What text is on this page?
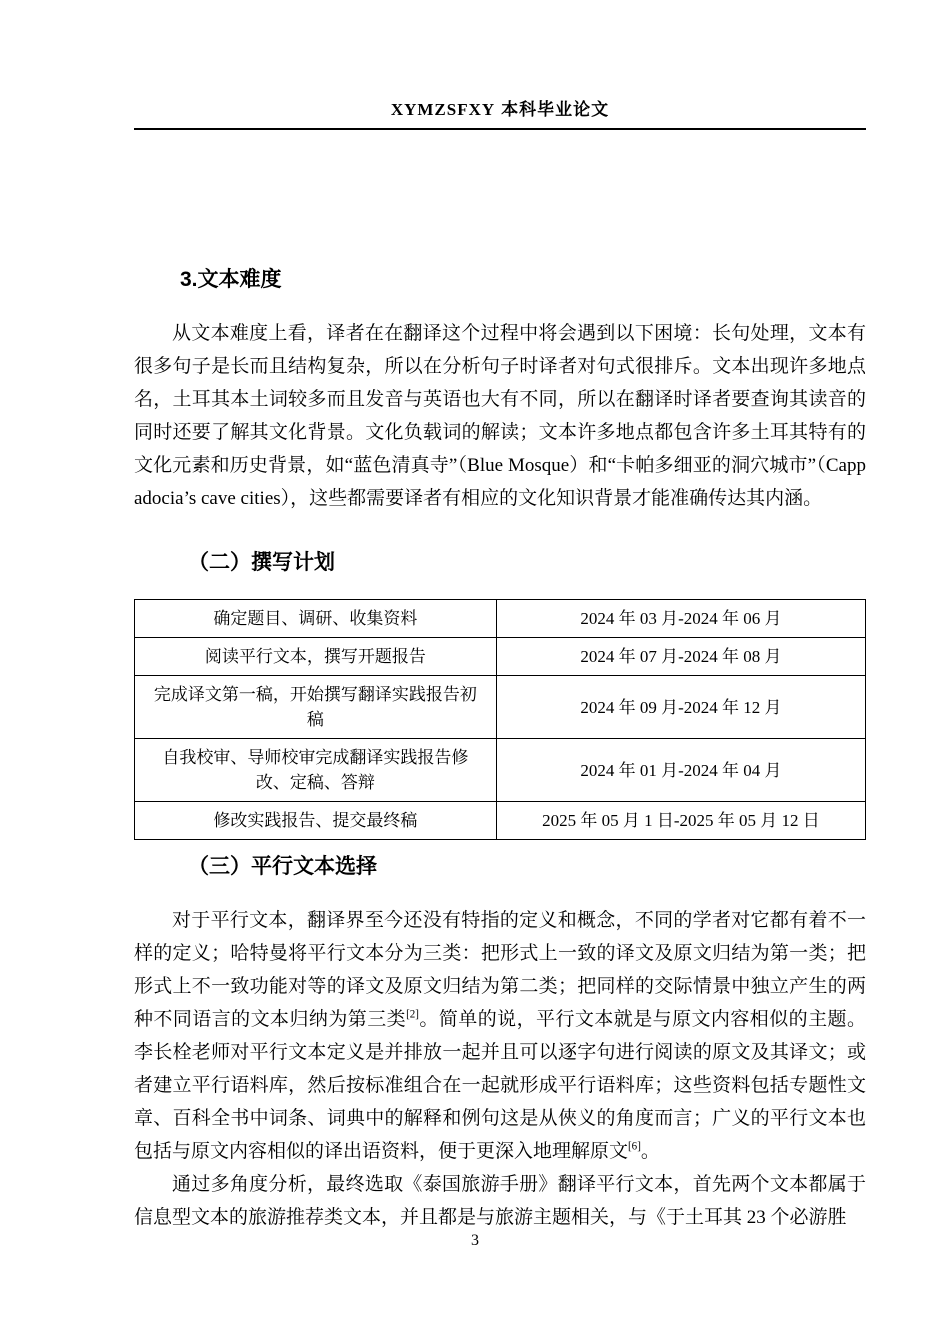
XYMZSFXY 本科毕业论文
3.文本难度

从文本难度上看，译者在在翻译这个过程中将会遇到以下困境：长句处理，文本有很多句子是长而且结构复杂，所以在分析句子时译者对句式很排斥。文本出现许多地点名，土耳其本土词较多而且发音与英语也大有不同，所以在翻译时译者要查询其读音的同时还要了解其文化背景。文化负载词的解读；文本许多地点都包含许多土耳其特有的文化元素和历史背景，如“蓝色清真寺”（Blue Mosque）和“卡帕多细亚的洞穴城市”（Cappadocia’s cave cities），这些都需要译者有相应的文化知识背景才能准确传达其内涵。

（二）撰写计划
确定题目、调研、收集资料	2024 年 03 月-2024 年 06 月
阅读平行文本，撰写开题报告	2024 年 07 月-2024 年 08 月
完成译文第一稿，开始撰写翻译实践报告初稿	2024 年 09 月-2024 年 12 月
自我校审、导师校审完成翻译实践报告修改、定稿、答辩	2024 年 01 月-2024 年 04 月
修改实践报告、提交最终稿	2025 年 05 月 1 日-2025 年 05 月 12 日
（三）平行文本选择

对于平行文本，翻译界至今还没有特指的定义和概念，不同的学者对它都有着不一样的定义；哈特曼将平行文本分为三类：把形式上一致的译文及原文归结为第一类；把形式上不一致功能对等的译文及原文归结为第二类；把同样的交际情景中独立产生的两种不同语言的文本归纳为第三类[2]。简单的说，平行文本就是与原文内容相似的主题。李长栓老师对平行文本定义是并排放一起并且可以逐字句进行阅读的原文及其译文；或者建立平行语料库，然后按标准组合在一起就形成平行语料库；这些资料包括专题性文章、百科全书中词条、词典中的解释和例句这是从俠义的角度而言；广义的平行文本也包括与原文内容相似的译出语资料，便于更深入地理解原文[6]。

通过多角度分析，最终选取《泰国旅游手册》翻译平行文本，首先两个文本都属于信息型文本的旅游推荐类文本，并且都是与旅游主题相关，与《于土耳其 23 个必游胜

3
